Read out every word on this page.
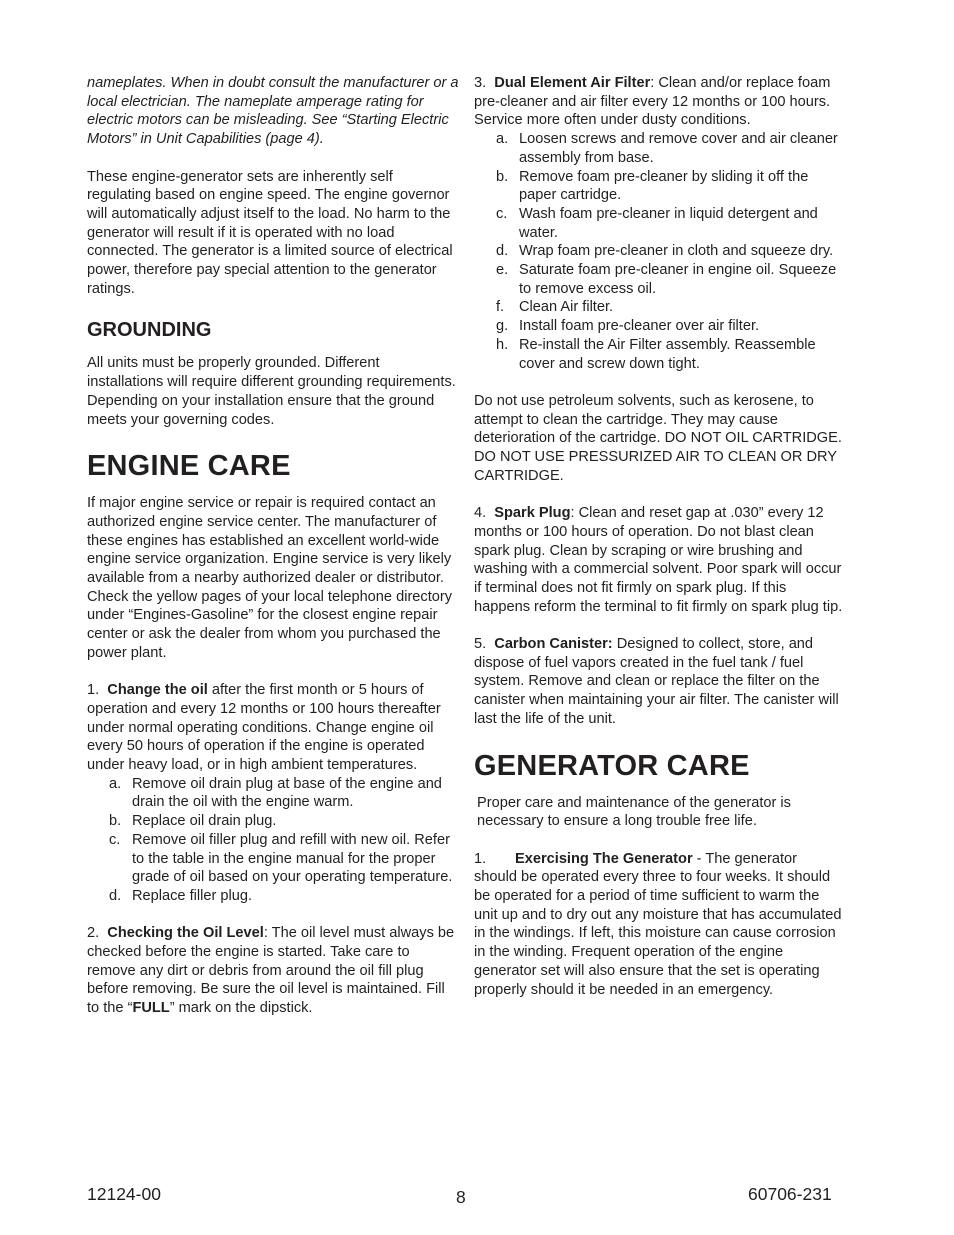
nameplates. When in doubt consult the manufacturer or a local electrician. The nameplate amperage rating for electric motors can be misleading. See “Starting Electric Motors” in Unit Capabilities (page 4).

These engine-generator sets are inherently self regulating based on engine speed. The engine governor will automatically adjust itself to the load. No harm to the generator will result if it is operated with no load connected. The generator is a limited source of electrical power, therefore pay special attention to the generator ratings.

GROUNDING

All units must be properly grounded. Different installations will require different grounding requirements. Depending on your installation ensure that the ground meets your governing codes.

ENGINE CARE

If major engine service or repair is required contact an authorized engine service center. The manufacturer of these engines has established an excellent world-wide engine service organization. Engine service is very likely available from a nearby authorized dealer or distributor. Check the yellow pages of your local telephone directory under “Engines-Gasoline” for the closest engine repair center or ask the dealer from whom you purchased the power plant.

1. Change the oil after the first month or 5 hours of operation and every 12 months or 100 hours thereafter under normal operating conditions. Change engine oil every 50 hours of operation if the engine is operated under heavy load, or in high ambient temperatures.

a. Remove oil drain plug at base of the engine and drain the oil with the engine warm.
b. Replace oil drain plug.
c. Remove oil filler plug and refill with new oil. Refer to the table in the engine manual for the proper grade of oil based on your operating temperature.
d. Replace filler plug.

2. Checking the Oil Level: The oil level must always be checked before the engine is started. Take care to remove any dirt or debris from around the oil fill plug before removing. Be sure the oil level is maintained. Fill to the “FULL” mark on the dipstick.

3. Dual Element Air Filter: Clean and/or replace foam pre-cleaner and air filter every 12 months or 100 hours. Service more often under dusty conditions.

a. Loosen screws and remove cover and air cleaner assembly from base.
b. Remove foam pre-cleaner by sliding it off the paper cartridge.
c. Wash foam pre-cleaner in liquid detergent and water.
d. Wrap foam pre-cleaner in cloth and squeeze dry.
e. Saturate foam pre-cleaner in engine oil. Squeeze to remove excess oil.
f.	Clean Air filter.
g. Install foam pre-cleaner over air filter.
h. Re-install the Air Filter assembly. Reassemble cover and screw down tight.

Do not use petroleum solvents, such as kerosene, to attempt to clean the cartridge. They may cause deterioration of the cartridge. DO NOT OIL CARTRIDGE. DO NOT USE PRESSURIZED AIR TO CLEAN OR DRY CARTRIDGE.

4. Spark Plug: Clean and reset gap at .030” every 12 months or 100 hours of operation. Do not blast clean spark plug. Clean by scraping or wire brushing and washing with a commercial solvent. Poor spark will occur if terminal does not fit firmly on spark plug. If this happens reform the terminal to fit firmly on spark plug tip.

5. Carbon Canister: Designed to collect, store, and dispose of fuel vapors created in the fuel tank / fuel system. Remove and clean or replace the filter on the canister when maintaining your air filter. The canister will last the life of the unit.

GENERATOR CARE

Proper care and maintenance of the generator is necessary to ensure a long trouble free life.

1. Exercising The Generator - The generator should be operated every three to four weeks. It should be operated for a period of time sufficient to warm the unit up and to dry out any moisture that has accumulated in the windings. If left, this moisture can cause corrosion in the winding. Frequent operation of the engine generator set will also ensure that the set is operating properly should it be needed in an emergency.

12124-00	8	60706-231
